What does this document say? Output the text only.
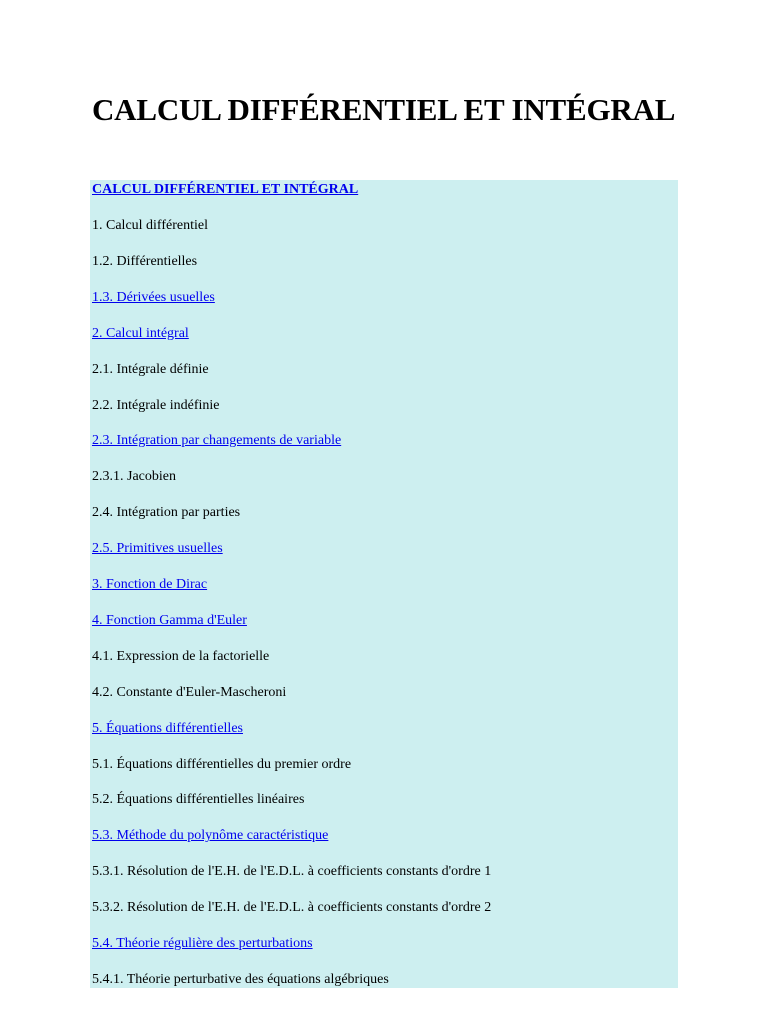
CALCUL DIFFÉRENTIEL ET INTÉGRAL
CALCUL DIFFÉRENTIEL ET INTÉGRAL
1. Calcul différentiel
1.2. Différentielles
1.3. Dérivées usuelles
2. Calcul intégral
2.1. Intégrale définie
2.2. Intégrale indéfinie
2.3. Intégration par changements de variable
2.3.1. Jacobien
2.4. Intégration par parties
2.5. Primitives usuelles
3. Fonction de Dirac
4. Fonction Gamma d'Euler
4.1. Expression de la factorielle
4.2. Constante d'Euler-Mascheroni
5. Équations différentielles
5.1. Équations différentielles du premier ordre
5.2. Équations différentielles linéaires
5.3. Méthode du polynôme caractéristique
5.3.1. Résolution de l'E.H. de l'E.D.L. à coefficients constants d'ordre 1
5.3.2. Résolution de l'E.H. de l'E.D.L. à coefficients constants d'ordre 2
5.4. Théorie régulière des perturbations
5.4.1. Théorie perturbative des équations algébriques
